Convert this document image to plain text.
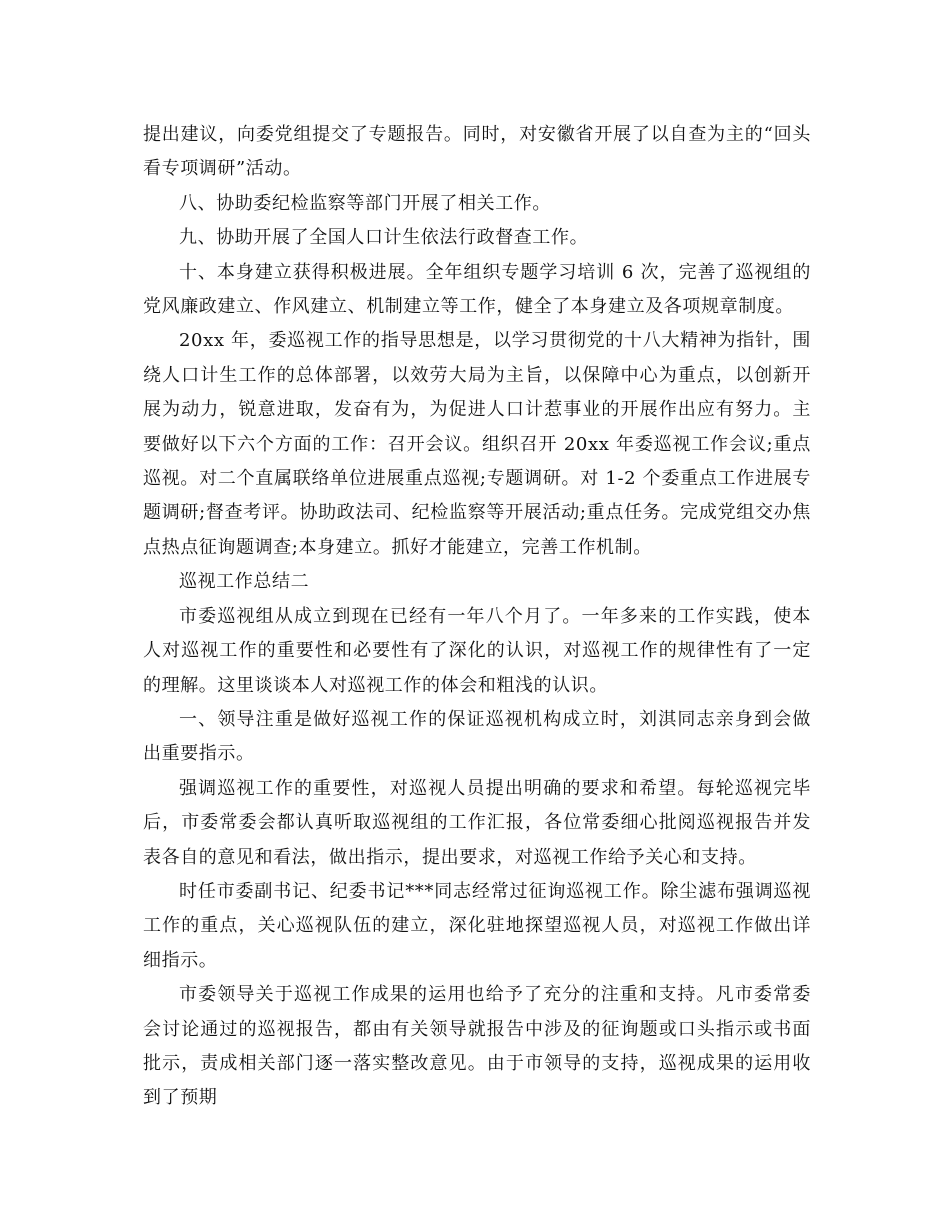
提出建议，向委党组提交了专题报告。同时，对安徽省开展了以自查为主的“回头看专项调研”活动。

八、协助委纪检监察等部门开展了相关工作。

九、协助开展了全国人口计生依法行政督查工作。

十、本身建立获得积极进展。全年组织专题学习培训 6 次，完善了巡视组的党风廉政建立、作风建立、机制建立等工作，健全了本身建立及各项规章制度。

20xx 年，委巡视工作的指导思想是，以学习贯彻党的十八大精神为指针，围绕人口计生工作的总体部署，以效劳大局为主旨，以保障中心为重点，以创新开展为动力，锐意进取，发奋有为，为促进人口计惹事业的开展作出应有努力。主要做好以下六个方面的工作：召开会议。组织召开 20xx 年委巡视工作会议;重点巡视。对二个直属联络单位进展重点巡视;专题调研。对 1-2 个委重点工作进展专题调研;督查考评。协助政法司、纪检监察等开展活动;重点任务。完成党组交办焦点热点征询题调查;本身建立。抓好才能建立，完善工作机制。

巡视工作总结二

市委巡视组从成立到现在已经有一年八个月了。一年多来的工作实践，使本人对巡视工作的重要性和必要性有了深化的认识，对巡视工作的规律性有了一定的理解。这里谈谈本人对巡视工作的体会和粗浅的认识。

一、领导注重是做好巡视工作的保证巡视机构成立时，刘淇同志亲身到会做出重要指示。

强调巡视工作的重要性，对巡视人员提出明确的要求和希望。每轮巡视完毕后，市委常委会都认真听取巡视组的工作汇报，各位常委细心批阅巡视报告并发表各自的意见和看法，做出指示，提出要求，对巡视工作给予关心和支持。

时任市委副书记、纪委书记***同志经常过征询巡视工作。除尘滤布强调巡视工作的重点，关心巡视队伍的建立，深化驻地探望巡视人员，对巡视工作做出详细指示。

市委领导关于巡视工作成果的运用也给予了充分的注重和支持。凡市委常委会讨论通过的巡视报告，都由有关领导就报告中涉及的征询题或口头指示或书面批示，责成相关部门逐一落实整改意见。由于市领导的支持，巡视成果的运用收到了预期
